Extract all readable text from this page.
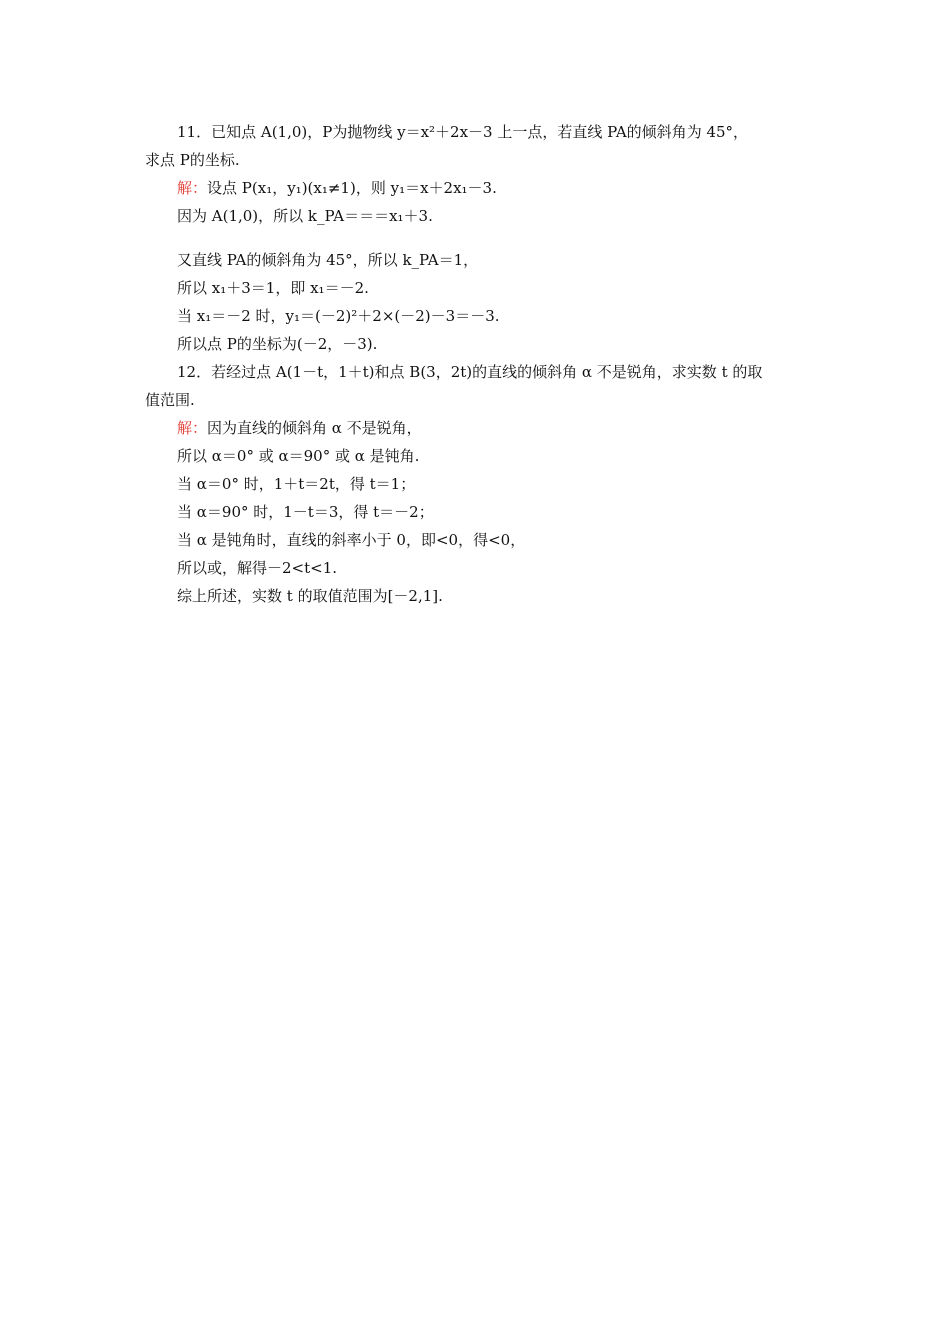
11．已知点 A(1,0)，P为抛物线 y＝x²＋2x－3 上一点，若直线 PA的倾斜角为 45°，
求点 P的坐标.
解：设点 P(x₁，y₁)(x₁≠1)，则 y₁＝x＋2x₁－3.
因为 A(1,0)，所以 k_PA＝＝＝x₁＋3.
又直线 PA的倾斜角为 45°，所以 k_PA＝1，
所以 x₁＋3＝1，即 x₁＝－2.
当 x₁＝－2 时，y₁＝(－2)²＋2×(－2)－3＝－3.
所以点 P的坐标为(－2，－3).
12．若经过点 A(1－t，1＋t)和点 B(3，2t)的直线的倾斜角 α 不是锐角，求实数 t 的取
值范围.
解：因为直线的倾斜角 α 不是锐角，
所以 α＝0° 或 α＝90° 或 α 是钝角.
当 α＝0° 时，1＋t＝2t，得 t＝1；
当 α＝90° 时，1－t＝3，得 t＝－2；
当 α 是钝角时，直线的斜率小于 0，即<0，得<0，
所以或，解得－2<t<1.
综上所述，实数 t 的取值范围为[－2,1].
